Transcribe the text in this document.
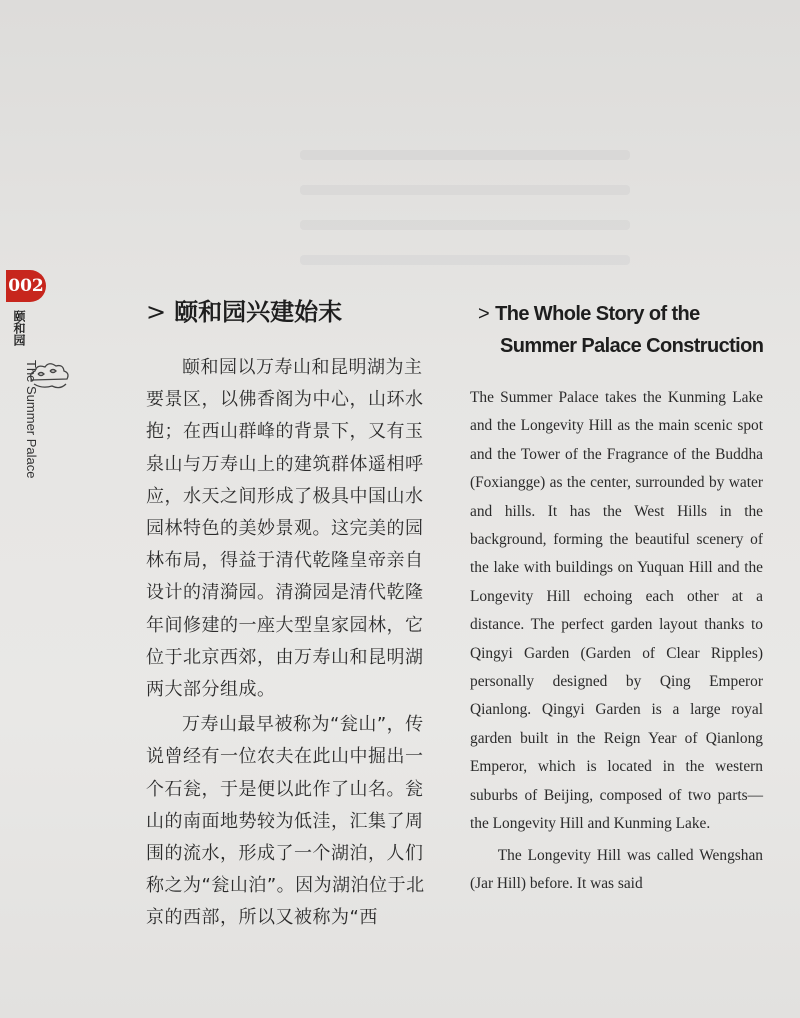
002
颐和园
The Summer Palace
> 颐和园兴建始末

颐和园以万寿山和昆明湖为主要景区，以佛香阁为中心，山环水抱；在西山群峰的背景下，又有玉泉山与万寿山上的建筑群体遥相呼应，水天之间形成了极具中国山水园林特色的美妙景观。这完美的园林布局，得益于清代乾隆皇帝亲自设计的清漪园。清漪园是清代乾隆年间修建的一座大型皇家园林，它位于北京西郊，由万寿山和昆明湖两大部分组成。

万寿山最早被称为“瓮山”，传说曾经有一位农夫在此山中掘出一个石瓮，于是便以此作了山名。瓮山的南面地势较为低洼，汇集了周围的流水，形成了一个湖泊，人们称之为“瓮山泊”。因为湖泊位于北京的西部，所以又被称为“西

> The Whole Story of the
Summer Palace Construction

The Summer Palace takes the Kunming Lake and the Longevity Hill as the main scenic spot and the Tower of the Fragrance of the Buddha (Foxiangge) as the center, surrounded by water and hills. It has the West Hills in the background, forming the beautiful scenery of the lake with buildings on Yuquan Hill and the Longevity Hill echoing each other at a distance. The perfect garden layout thanks to Qingyi Garden (Garden of Clear Ripples) personally designed by Qing Emperor Qianlong. Qingyi Garden is a large royal garden built in the Reign Year of Qianlong Emperor, which is located in the western suburbs of Beijing, composed of two parts—the Longevity Hill and Kunming Lake.

The Longevity Hill was called Wengshan (Jar Hill) before. It was said
